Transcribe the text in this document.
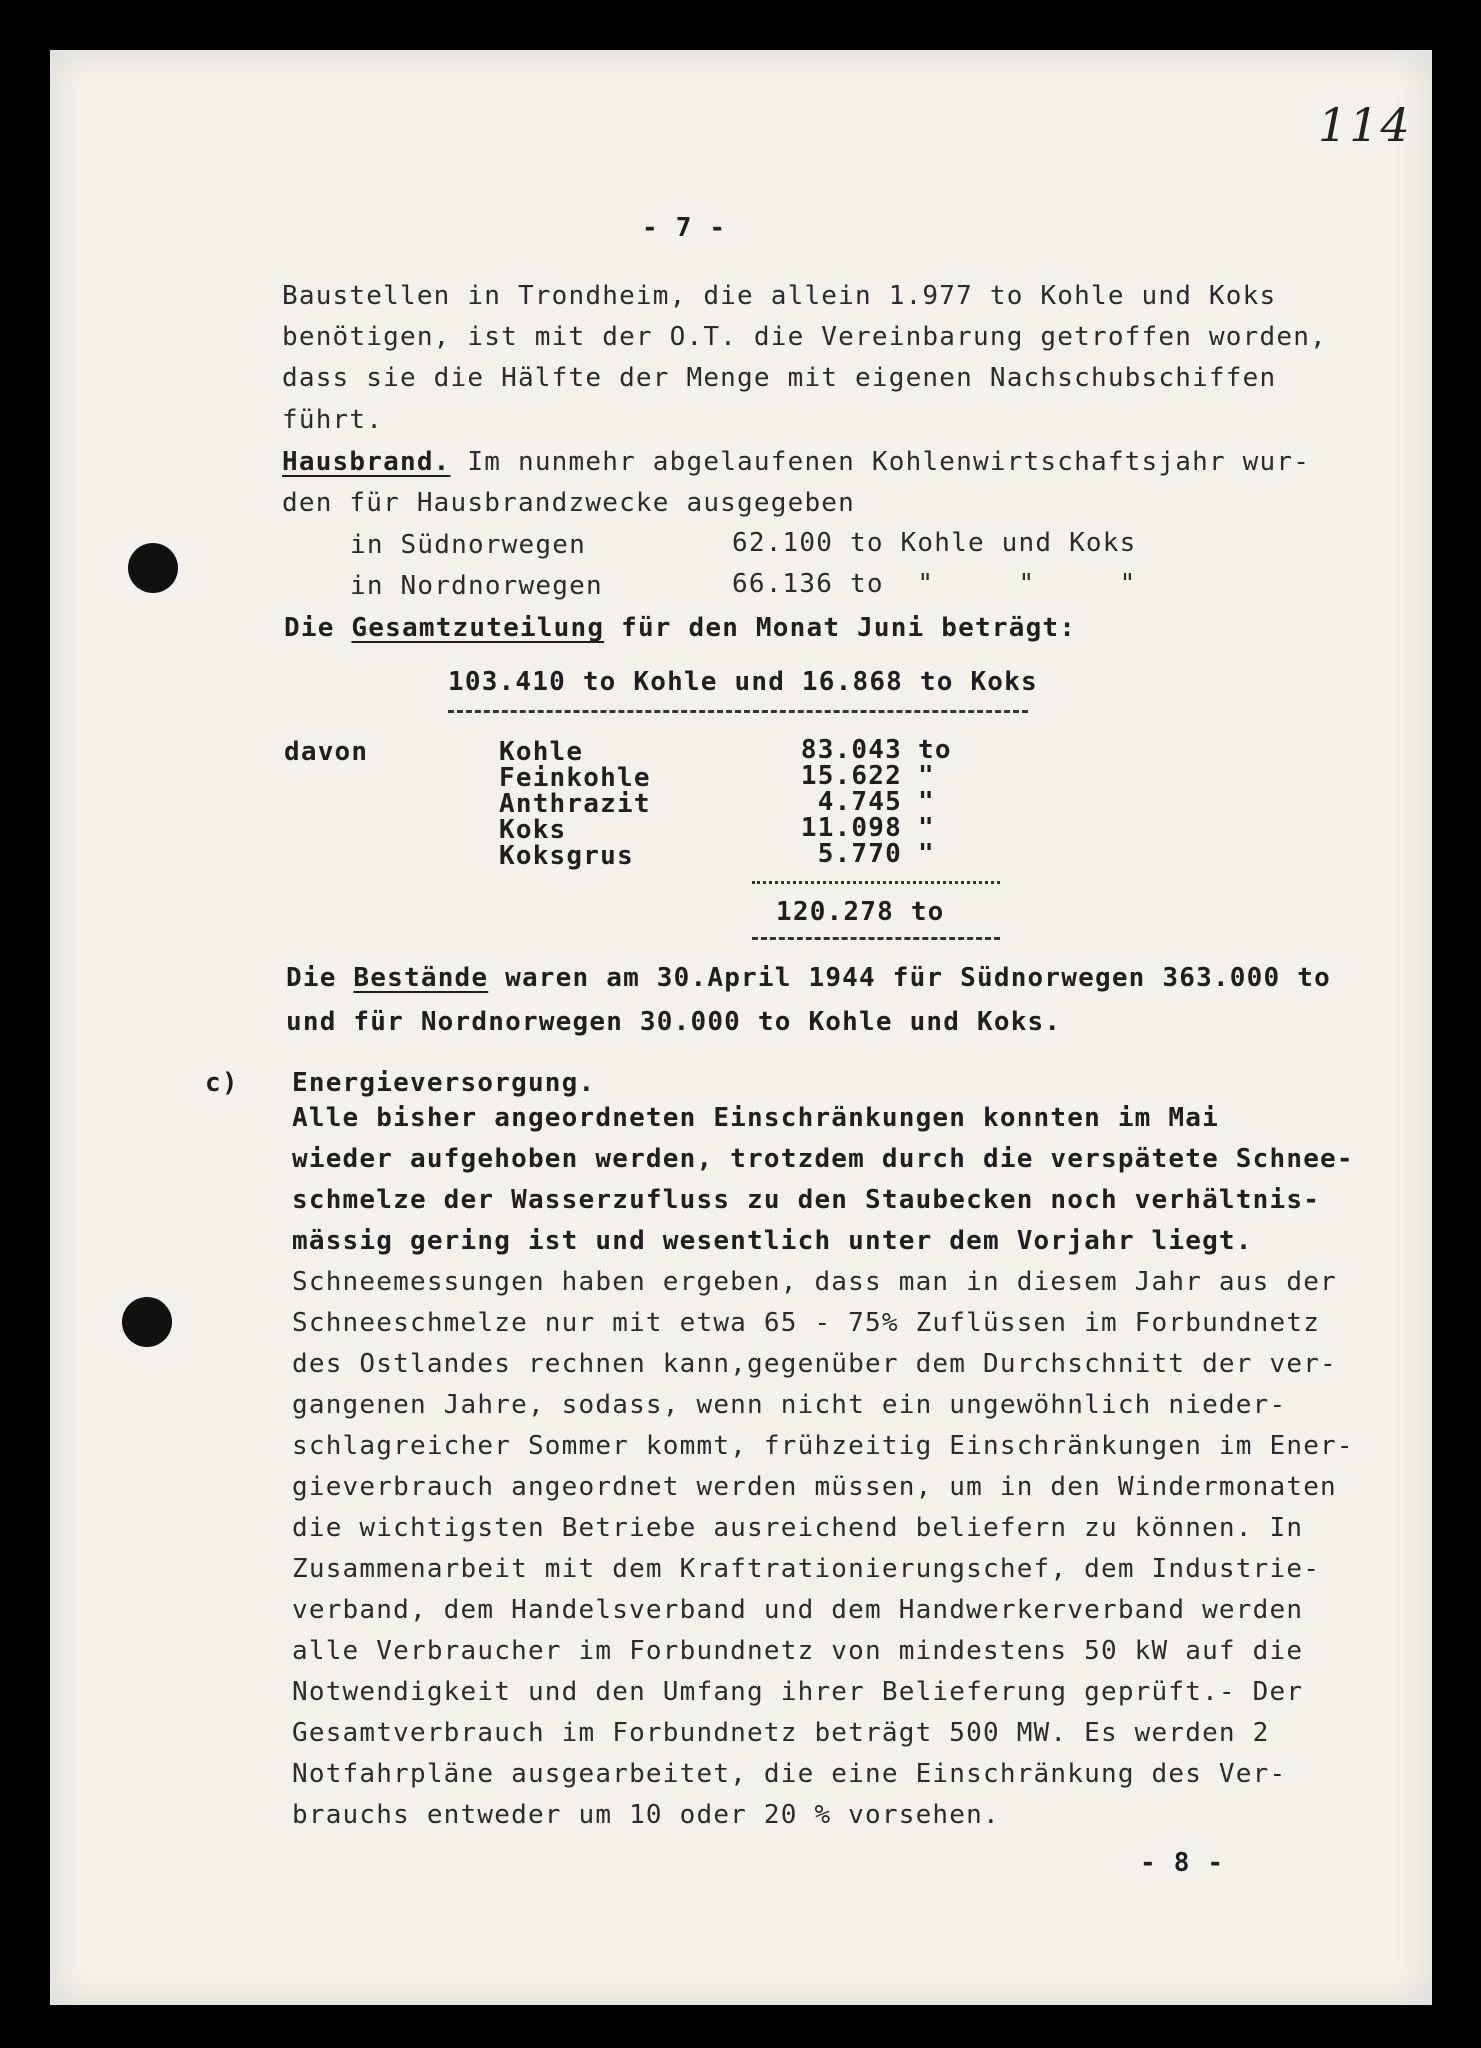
114
- 7 -
Baustellen in Trondheim, die allein 1.977 to Kohle und Koks
benötigen, ist mit der O.T. die Vereinbarung getroffen worden,
dass sie die Hälfte der Menge mit eigenen Nachschubschiffen
führt.
Hausbrand. Im nunmehr abgelaufenen Kohlenwirtschaftsjahr wur-
den für Hausbrandzwecke ausgegeben
in Südnorwegen	62.100 to Kohle und Koks
in Nordnorwegen	66.136 to  "     "     "
Die Gesamtzuteilung für den Monat Juni beträgt:
103.410 to Kohle und 16.868 to Koks
davon	Kohle	83.043 to
Feinkohle	15.622 "
Anthrazit	4.745 "
Koks	11.098 "
Koksgrus	5.770 "
120.278 to
Die Bestände waren am 30.April 1944 für Südnorwegen 363.000 to
und für Nordnorwegen 30.000 to Kohle und Koks.
c) Energieversorgung.
Alle bisher angeordneten Einschränkungen konnten im Mai
wieder aufgehoben werden, trotzdem durch die verspätete Schnee-
schmelze der Wasserzufluss zu den Staubecken noch verhältnis-
mässig gering ist und wesentlich unter dem Vorjahr liegt.
Schneemessungen haben ergeben, dass man in diesem Jahr aus der
Schneeschmelze nur mit etwa 65 - 75% Zuflüssen im Forbundnetz
des Ostlandes rechnen kann,gegenüber dem Durchschnitt der ver-
gangenen Jahre, sodass, wenn nicht ein ungewöhnlich nieder-
schlagreicher Sommer kommt, frühzeitig Einschränkungen im Ener-
gieverbrauch angeordnet werden müssen, um in den Windermonaten
die wichtigsten Betriebe ausreichend beliefern zu können. In
Zusammenarbeit mit dem Kraftrationierungschef, dem Industrie-
verband, dem Handelsverband und dem Handwerkerverband werden
alle Verbraucher im Forbundnetz von mindestens 50 kW auf die
Notwendigkeit und den Umfang ihrer Belieferung geprüft.- Der
Gesamtverbrauch im Forbundnetz beträgt 500 MW. Es werden 2
Notfahrpläne ausgearbeitet, die eine Einschränkung des Ver-
brauchs entweder um 10 oder 20 % vorsehen.
- 8 -
